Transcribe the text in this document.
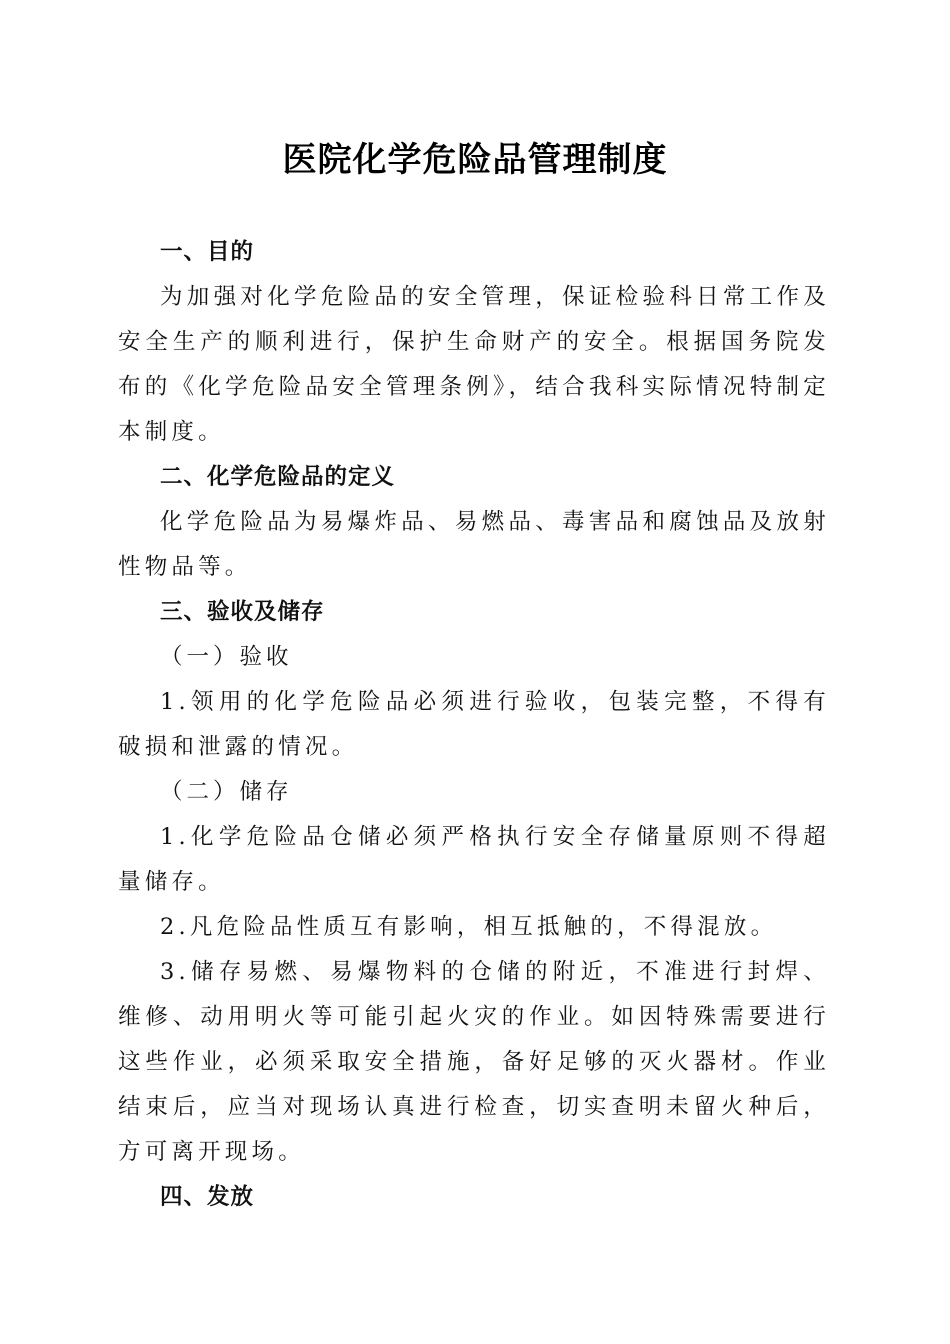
医院化学危险品管理制度

一、目的

为加强对化学危险品的安全管理，保证检验科日常工作及安全生产的顺利进行，保护生命财产的安全。根据国务院发布的《化学危险品安全管理条例》，结合我科实际情况特制定本制度。

二、化学危险品的定义

化学危险品为易爆炸品、易燃品、毒害品和腐蚀品及放射性物品等。

三、验收及储存

（一）验收

1.领用的化学危险品必须进行验收，包装完整，不得有破损和泄露的情况。

（二）储存

1.化学危险品仓储必须严格执行安全存储量原则不得超量储存。

2.凡危险品性质互有影响，相互抵触的，不得混放。

3.储存易燃、易爆物料的仓储的附近，不准进行封焊、维修、动用明火等可能引起火灾的作业。如因特殊需要进行这些作业，必须采取安全措施，备好足够的灭火器材。作业结束后，应当对现场认真进行检查，切实查明未留火种后，方可离开现场。

四、发放
